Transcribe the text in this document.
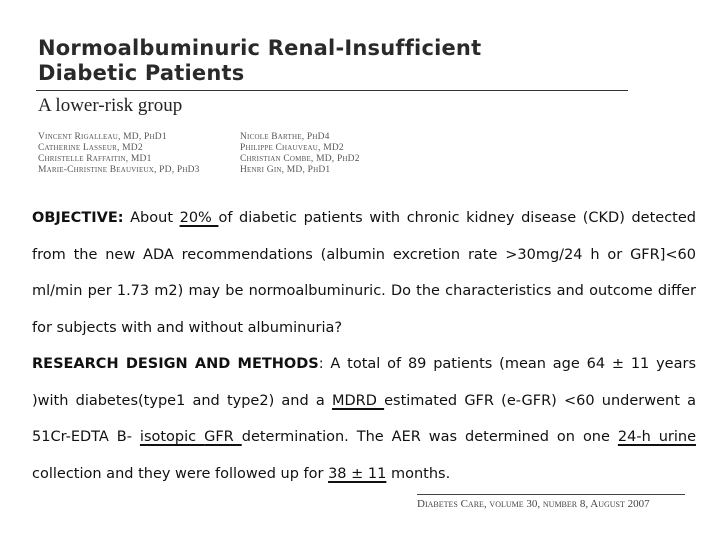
Normoalbuminuric Renal-Insufficient
Diabetic Patients
A lower-risk group
Vincent Rigalleau, MD, PhD1
Catherine Lasseur, MD2
Christelle Raffaitin, MD1
Marie-Christine Beauvieux, PD, PhD3
Nicole Barthe, PhD4
Philippe Chauveau, MD2
Christian Combe, MD, PhD2
Henri Gin, MD, PhD1
OBJECTIVE: About 20% of diabetic patients with chronic kidney disease (CKD) detected from the new ADA recommendations (albumin excretion rate >30mg/24 h or GFR]<60 ml/min per 1.73 m2) may be normoalbuminuric. Do the characteristics and outcome differ for subjects with and without albuminuria?
RESEARCH DESIGN AND METHODS: A total of 89 patients (mean age 64 ± 11 years )with diabetes(type1 and type2) and a MDRD estimated GFR (e-GFR) <60 underwent a 51Cr-EDTA B- isotopic GFR determination. The AER was determined on one 24-h urine collection and they were followed up for 38 ± 11 months.
Diabetes Care, volume 30, number 8, August 2007
